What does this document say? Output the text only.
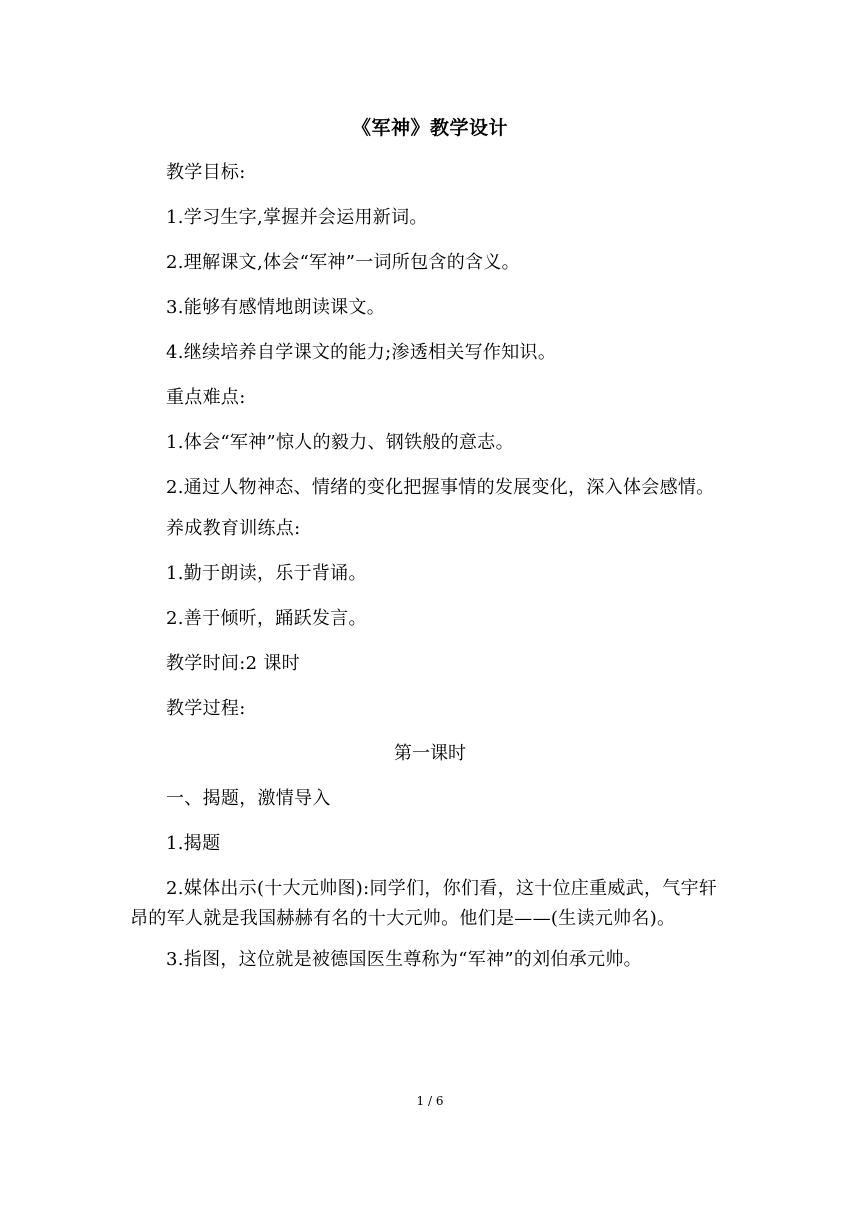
《军神》教学设计

教学目标:

1.学习生字,掌握并会运用新词。

2.理解课文,体会“军神”一词所包含的含义。

3.能够有感情地朗读课文。

4.继续培养自学课文的能力;渗透相关写作知识。

重点难点:

1.体会“军神”惊人的毅力、钢铁般的意志。

2.通过人物神态、情绪的变化把握事情的发展变化，深入体会感情。

养成教育训练点:

1.勤于朗读，乐于背诵。

2.善于倾听，踊跃发言。

教学时间:2 课时

教学过程:

第一课时

一、揭题，激情导入

1.揭题

2.媒体出示(十大元帅图):同学们，你们看，这十位庄重威武，气宇轩昂的军人就是我国赫赫有名的十大元帅。他们是——(生读元帅名)。

3.指图，这位就是被德国医生尊称为“军神”的刘伯承元帅。

1 / 6
